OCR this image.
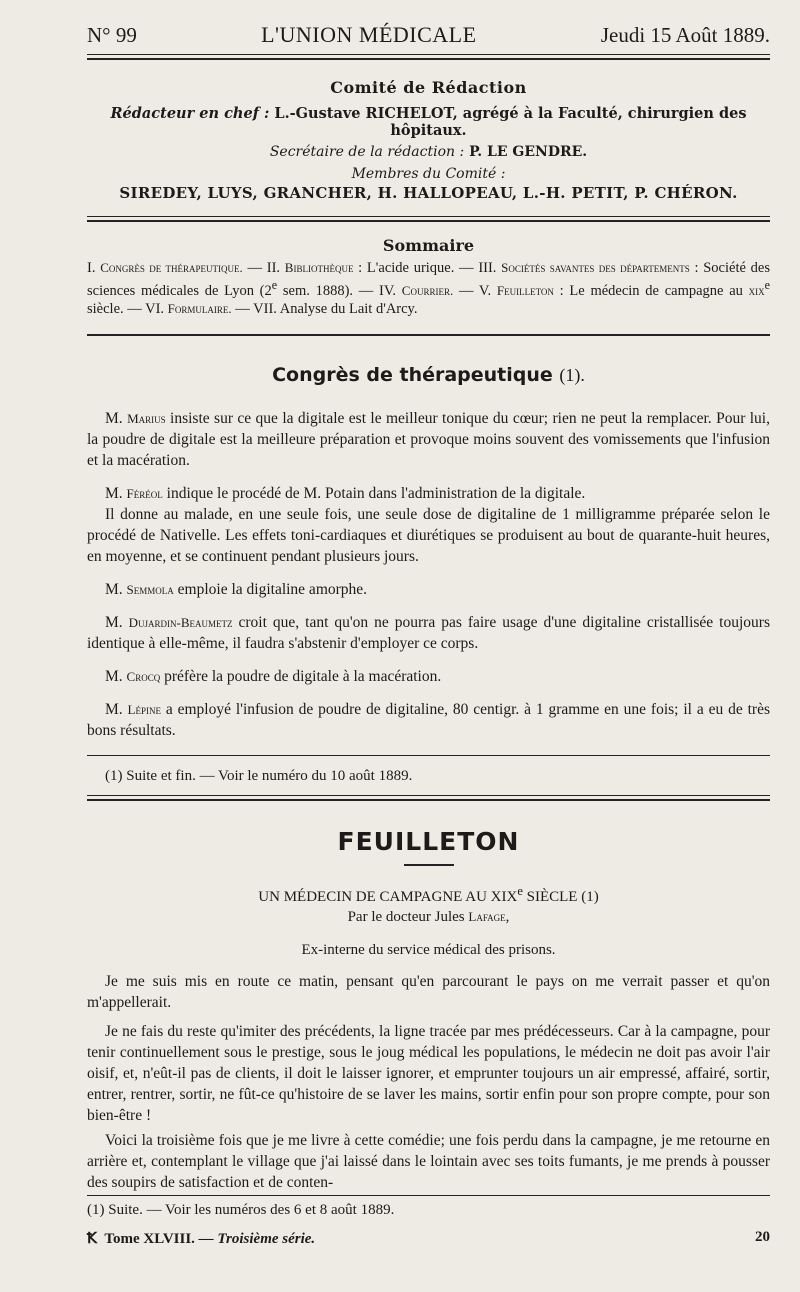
N° 99	L'UNION MÉDICALE	Jeudi 15 Août 1889.
Comité de Rédaction
Rédacteur en chef : L.-Gustave RICHELOT, agrégé à la Faculté, chirurgien des hôpitaux.
Secrétaire de la rédaction : P. LE GENDRE.
Membres du Comité :
SIREDEY, LUYS, GRANCHER, H. HALLOPEAU, L.-H. PETIT, P. CHÉRON.
Sommaire
I. Congrès de thérapeutique. — II. Bibliothèque : L'acide urique. — III. Sociétés savantes des départements : Société des sciences médicales de Lyon (2e sem. 1888). — IV. Courrier. — V. Feuilleton : Le médecin de campagne au xix$^e$ siècle. — VI. Formulaire. — VII. Analyse du Lait d'Arcy.
Congrès de thérapeutique (1).

M. Marius insiste sur ce que la digitale est le meilleur tonique du cœur; rien ne peut la remplacer. Pour lui, la poudre de digitale est la meilleure préparation et provoque moins souvent des vomissements que l'infusion et la macération.

M. Féréol indique le procédé de M. Potain dans l'administration de la digitale.

Il donne au malade, en une seule fois, une seule dose de digitaline de 1 milligramme préparée selon le procédé de Nativelle. Les effets toni-cardiaques et diurétiques se produisent au bout de quarante-huit heures, en moyenne, et se continuent pendant plusieurs jours.

M. Semmola emploie la digitaline amorphe.

M. Dujardin-Beaumetz croit que, tant qu'on ne pourra pas faire usage d'une digitaline cristallisée toujours identique à elle-même, il faudra s'abstenir d'employer ce corps.

M. Crocq préfère la poudre de digitale à la macération.

M. Lépine a employé l'infusion de poudre de digitaline, 80 centigr. à 1 gramme en une fois; il a eu de très bons résultats.

(1) Suite et fin. — Voir le numéro du 10 août 1889.
FEUILLETON
UN MÉDECIN DE CAMPAGNE AU XIXe SIÈCLE (1)
Par le docteur Jules Lafage,
Ex-interne du service médical des prisons.

Je me suis mis en route ce matin, pensant qu'en parcourant le pays on me verrait passer et qu'on m'appellerait.

Je ne fais du reste qu'imiter des précédents, la ligne tracée par mes prédécesseurs. Car à la campagne, pour tenir continuellement sous le prestige, sous le joug médical les populations, le médecin ne doit pas avoir l'air oisif, et, n'eût-il pas de clients, il doit le laisser ignorer, et emprunter toujours un air empressé, affairé, sortir, entrer, rentrer, sortir, ne fût-ce qu'histoire de se laver les mains, sortir enfin pour son propre compte, pour son bien-être !

Voici la troisième fois que je me livre à cette comédie; une fois perdu dans la campagne, je me retourne en arrière et, contemplant le village que j'ai laissé dans le lointain avec ses toits fumants, je me prends à pousser des soupirs de satisfaction et de conten-

(1) Suite. — Voir les numéros des 6 et 8 août 1889.
Ꝁ Tome XLVIII. — Troisième série.	20
